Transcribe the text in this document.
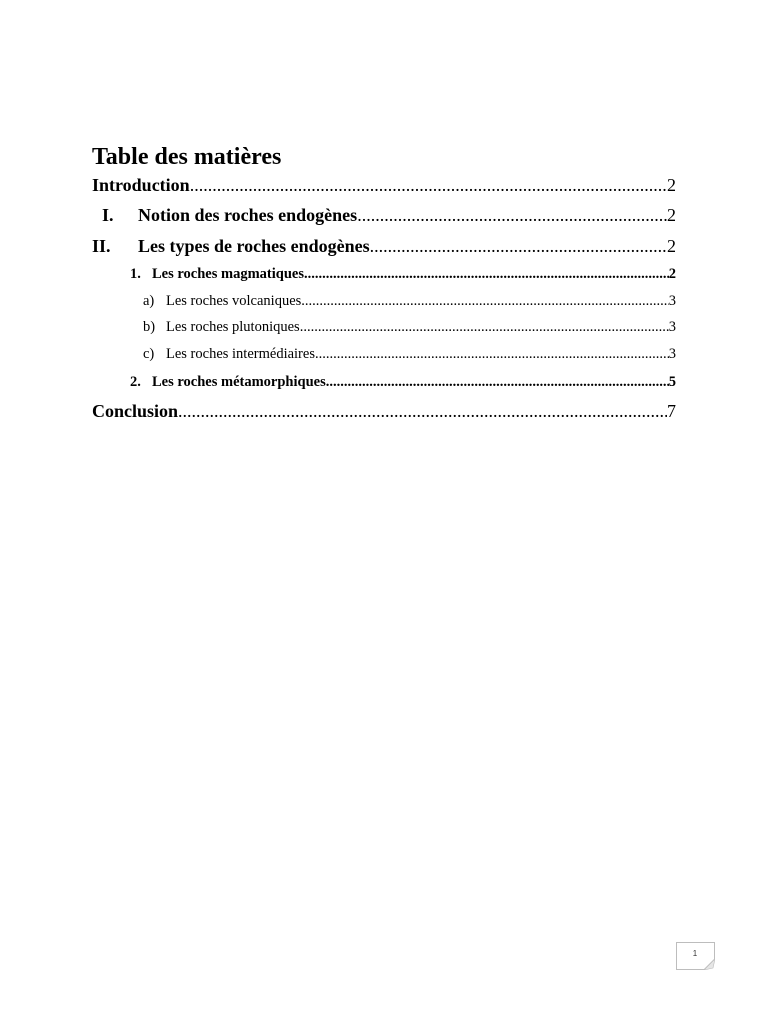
Table des matières
Introduction .....	2
I.	Notion des roches endogènes .....	2
II.	Les types de roches endogènes .....	2
1. Les roches magmatiques .....	2
a) Les roches volcaniques .....	3
b) Les roches plutoniques .....	3
c) Les roches intermédiaires .....	3
2. Les roches métamorphiques .....	5
Conclusion .....	7
1
